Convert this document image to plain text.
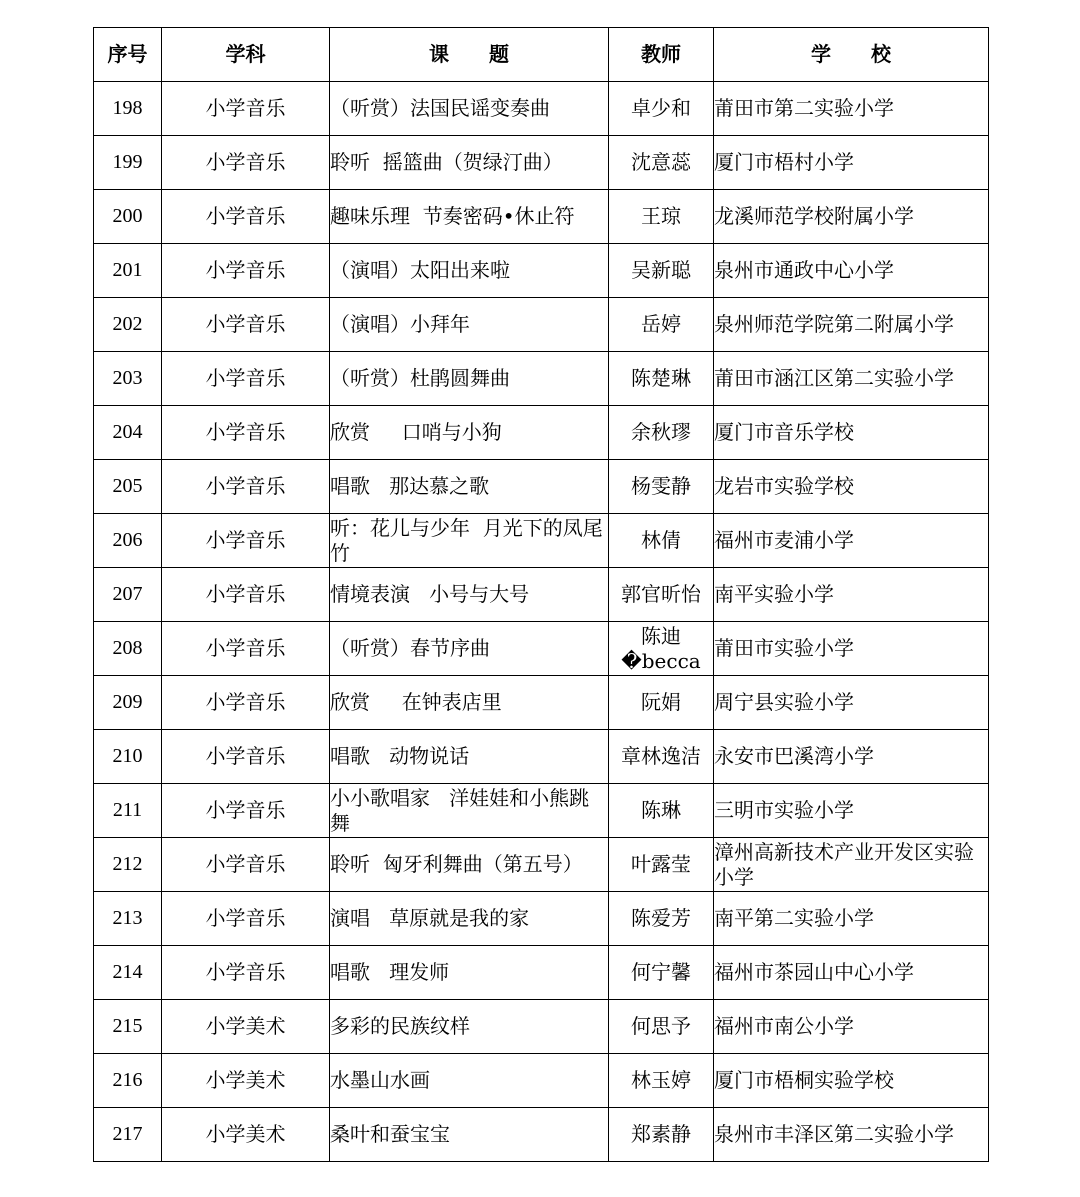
序号	学科	课　　题	教师	学　　校
198	小学音乐	（听赏）法国民谣变奏曲	卓少和	莆田市第二实验小学
199	小学音乐	聆听  摇篮曲（贺绿汀曲）	沈意蕊	厦门市梧村小学
200	小学音乐	趣味乐理  节奏密码•休止符	王琼	龙溪师范学校附属小学
201	小学音乐	（演唱）太阳出来啦	吴新聪	泉州市通政中心小学
202	小学音乐	（演唱）小拜年	岳婷	泉州师范学院第二附属小学
203	小学音乐	（听赏）杜鹃圆舞曲	陈楚琳	莆田市涵江区第二实验小学
204	小学音乐	欣赏     口哨与小狗	余秋璆	厦门市音乐学校
205	小学音乐	唱歌   那达慕之歌	杨雯静	龙岩市实验学校
206	小学音乐	听：花儿与少年  月光下的凤尾竹	林倩	福州市麦浦小学
207	小学音乐	情境表演   小号与大号	郭官昕怡	南平实验小学
208	小学音乐	（听赏）春节序曲	陈迪�becca	莆田市实验小学
209	小学音乐	欣赏     在钟表店里	阮娟	周宁县实验小学
210	小学音乐	唱歌   动物说话	章林逸洁	永安市巴溪湾小学
211	小学音乐	小小歌唱家   洋娃娃和小熊跳舞	陈琳	三明市实验小学
212	小学音乐	聆听  匈牙利舞曲（第五号）	叶露莹	漳州高新技术产业开发区实验小学
213	小学音乐	演唱   草原就是我的家	陈爱芳	南平第二实验小学
214	小学音乐	唱歌   理发师	何宁馨	福州市茶园山中心小学
215	小学美术	多彩的民族纹样	何思予	福州市南公小学
216	小学美术	水墨山水画	林玉婷	厦门市梧桐实验学校
217	小学美术	桑叶和蚕宝宝	郑素静	泉州市丰泽区第二实验小学
